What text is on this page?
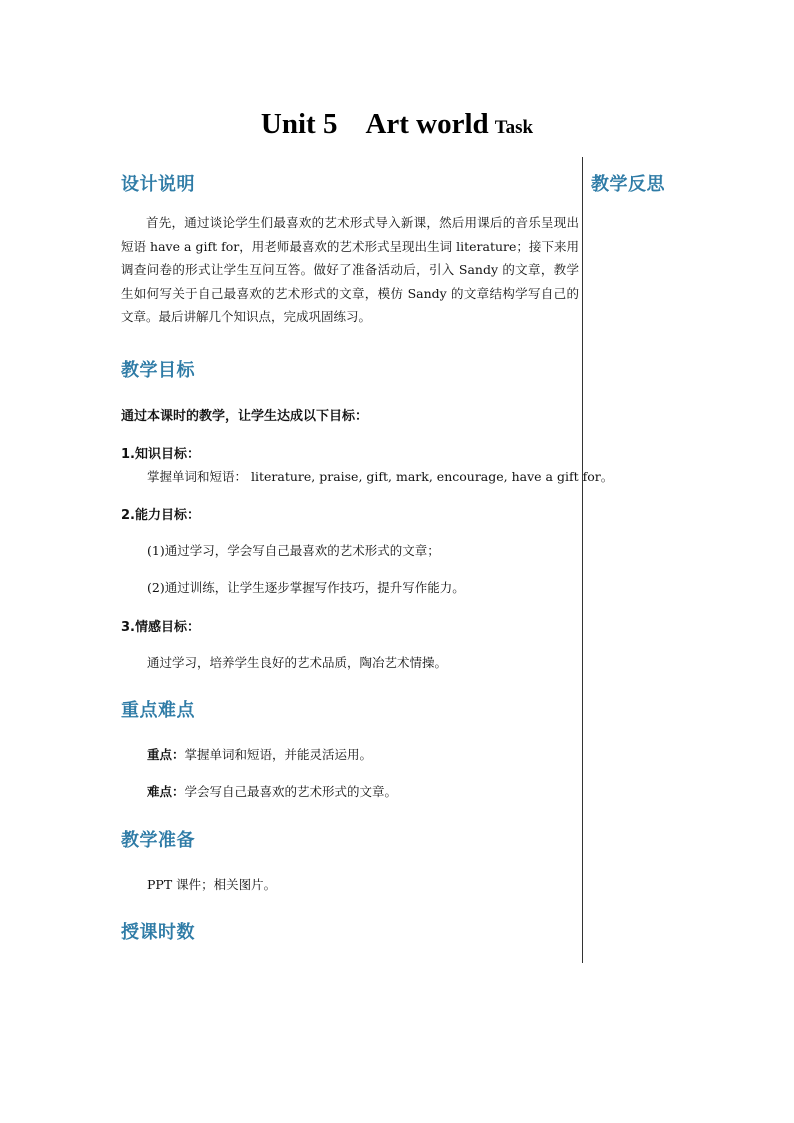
Unit 5 Art world Task
教学反思
设计说明
首先，通过谈论学生们最喜欢的艺术形式导入新课，然后用课后的音乐呈现出短语 have a gift for，用老师最喜欢的艺术形式呈现出生词 literature；接下来用调查问卷的形式让学生互问互答。做好了准备活动后，引入 Sandy 的文章，教学生如何写关于自己最喜欢的艺术形式的文章，模仿 Sandy 的文章结构学写自己的文章。最后讲解几个知识点，完成巩固练习。
教学目标
通过本课时的教学，让学生达成以下目标：
1.知识目标：
掌握单词和短语： literature, praise, gift, mark, encourage, have a gift for。
2.能力目标：
(1)通过学习，学会写自己最喜欢的艺术形式的文章；
(2)通过训练，让学生逐步掌握写作技巧，提升写作能力。
3.情感目标：
通过学习，培养学生良好的艺术品质，陶冶艺术情操。
重点难点
重点：掌握单词和短语，并能灵活运用。
难点：学会写自己最喜欢的艺术形式的文章。
教学准备
PPT 课件；相关图片。
授课时数
